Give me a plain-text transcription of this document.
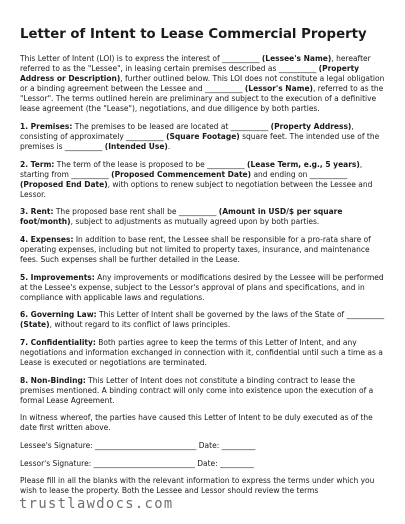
Letter of Intent to Lease Commercial Property

This Letter of Intent (LOI) is to express the interest of __________ (Lessee's Name), hereafter referred to as the "Lessee", in leasing certain premises described as __________ (Property Address or Description), further outlined below. This LOI does not constitute a legal obligation or a binding agreement between the Lessee and __________ (Lessor's Name), referred to as the "Lessor". The terms outlined herein are preliminary and subject to the execution of a definitive lease agreement (the "Lease"), negotiations, and due diligence by both parties.

1. Premises: The premises to be leased are located at __________ (Property Address), consisting of approximately __________ (Square Footage) square feet. The intended use of the premises is __________ (Intended Use).

2. Term: The term of the lease is proposed to be __________ (Lease Term, e.g., 5 years), starting from __________ (Proposed Commencement Date) and ending on __________ (Proposed End Date), with options to renew subject to negotiation between the Lessee and Lessor.

3. Rent: The proposed base rent shall be __________ (Amount in USD/$ per square foot/month), subject to adjustments as mutually agreed upon by both parties.

4. Expenses: In addition to base rent, the Lessee shall be responsible for a pro-rata share of operating expenses, including but not limited to property taxes, insurance, and maintenance fees. Such expenses shall be further detailed in the Lease.

5. Improvements: Any improvements or modifications desired by the Lessee will be performed at the Lessee's expense, subject to the Lessor's approval of plans and specifications, and in compliance with applicable laws and regulations.

6. Governing Law: This Letter of Intent shall be governed by the laws of the State of __________ (State), without regard to its conflict of laws principles.

7. Confidentiality: Both parties agree to keep the terms of this Letter of Intent, and any negotiations and information exchanged in connection with it, confidential until such a time as a Lease is executed or negotiations are terminated.

8. Non-Binding: This Letter of Intent does not constitute a binding contract to lease the premises mentioned. A binding contract will only come into existence upon the execution of a formal Lease Agreement.

In witness whereof, the parties have caused this Letter of Intent to be duly executed as of the date first written above.

Lessee's Signature: ___________________________ Date: _________
Lessor's Signature: ___________________________ Date: _________

Please fill in all the blanks with the relevant information to express the terms under which you wish to lease the property. Both the Lessee and Lessor should review the terms

trustlawdocs.com
